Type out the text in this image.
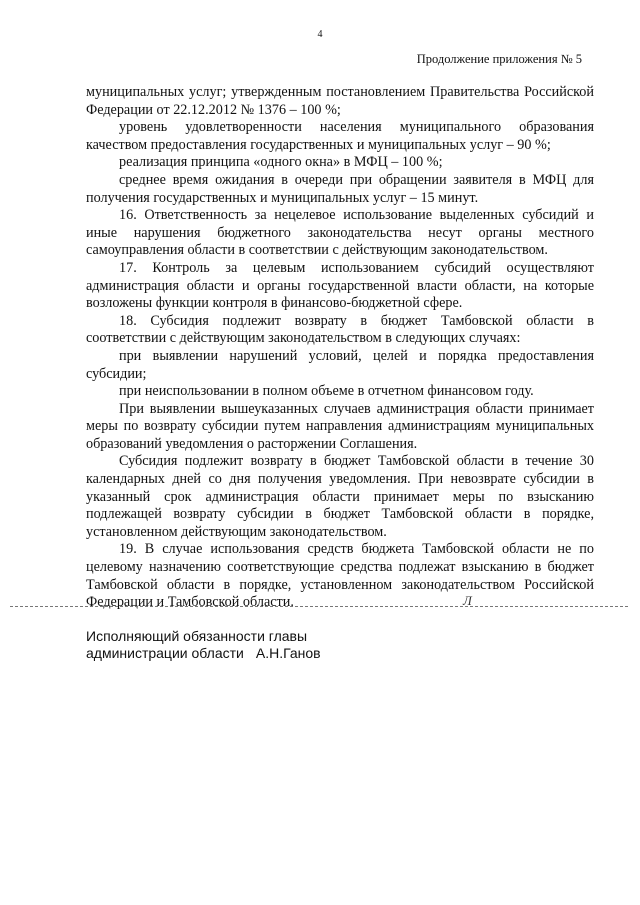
4
Продолжение приложения № 5

муниципальных услуг; утвержденным постановлением Правительства Российской Федерации от 22.12.2012 № 1376 – 100 %;

уровень удовлетворенности населения муниципального образования качеством предоставления государственных и муниципальных услуг – 90 %;

реализация принципа «одного окна» в МФЦ – 100 %;

среднее время ожидания в очереди при обращении заявителя в МФЦ для получения государственных и муниципальных услуг – 15 минут.

16. Ответственность за нецелевое использование выделенных субсидий и иные нарушения бюджетного законодательства несут органы местного самоуправления области в соответствии с действующим законодательством.

17. Контроль за целевым использованием субсидий осуществляют администрация области и органы государственной власти области, на которые возложены функции контроля в финансово-бюджетной сфере.

18. Субсидия подлежит возврату в бюджет Тамбовской области в соответствии с действующим законодательством в следующих случаях:

при выявлении нарушений условий, целей и порядка предоставления субсидии;

при неиспользовании в полном объеме в отчетном финансовом году.

При выявлении вышеуказанных случаев администрация области принимает меры по возврату субсидии путем направления администрациям муниципальных образований уведомления о расторжении Соглашения.

Субсидия подлежит возврату в бюджет Тамбовской области в течение 30 календарных дней со дня получения уведомления. При невозврате субсидии в указанный срок администрация области принимает меры по взысканию подлежащей возврату субсидии в бюджет Тамбовской области в порядке, установленном действующим законодательством.

19. В случае использования средств бюджета Тамбовской области не по целевому назначению соответствующие средства подлежат взысканию в бюджет Тамбовской области в порядке, установленном законодательством Российской Федерации и Тамбовской области.	Л
Исполняющий обязанности главы
администрации области А.Н.Ганов
